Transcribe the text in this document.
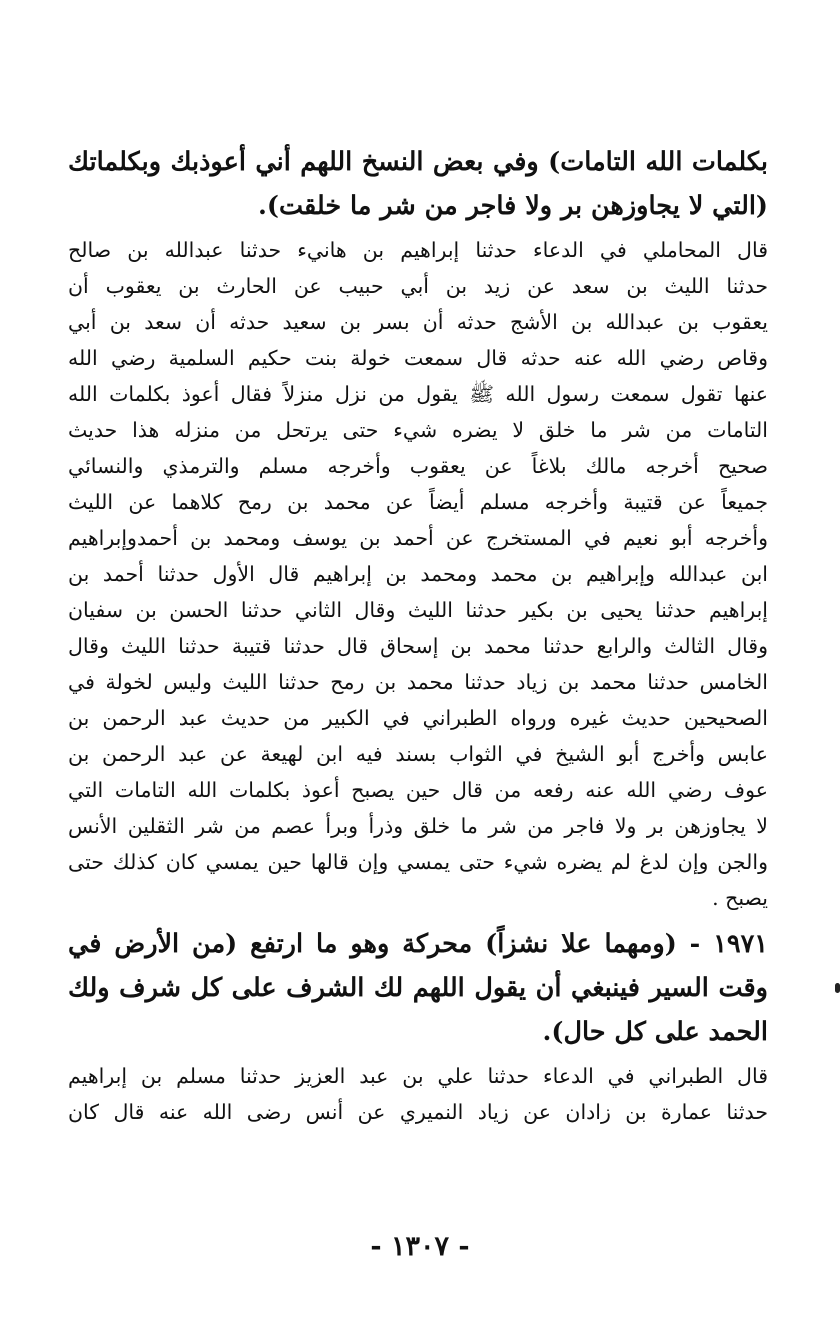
بكلمات الله التامات) وفي بعض النسخ اللهم أني أعوذبك وبكلماتك
(التي لا يجاوزهن بر ولا فاجر من شر ما خلقت).
قال المحاملي في الدعاء حدثنا إبراهيم بن هانيء حدثنا عبدالله بن صالح
حدثنا الليث بن سعد عن زيد بن أبي حبيب عن الحارث بن يعقوب أن
يعقوب بن عبدالله بن الأشج حدثه أن بسر بن سعيد حدثه أن سعد بن أبي
وقاص رضي الله عنه حدثه قال سمعت خولة بنت حكيم السلمية رضي الله
عنها تقول سمعت رسول الله ﷺ يقول من نزل منزلاً فقال أعوذ بكلمات الله
التامات من شر ما خلق لا يضره شيء حتى يرتحل من منزله هذا حديث
صحيح أخرجه مالك بلاغاً عن يعقوب وأخرجه مسلم والترمذي والنسائي
جميعاً عن قتيبة وأخرجه مسلم أيضاً عن محمد بن رمح كلاهما عن الليث
وأخرجه أبو نعيم في المستخرج عن أحمد بن يوسف ومحمد بن أحمدوإبراهيم
ابن عبدالله وإبراهيم بن محمد ومحمد بن إبراهيم قال الأول حدثنا أحمد بن
إبراهيم حدثنا يحيى بن بكير حدثنا الليث وقال الثاني حدثنا الحسن بن سفيان
وقال الثالث والرابع حدثنا محمد بن إسحاق قال حدثنا قتيبة حدثنا الليث وقال
الخامس حدثنا محمد بن زياد حدثنا محمد بن رمح حدثنا الليث وليس لخولة في
الصحيحين حديث غيره ورواه الطبراني في الكبير من حديث عبد الرحمن بن
عابس وأخرج أبو الشيخ في الثواب بسند فيه ابن لهيعة عن عبد الرحمن بن
عوف رضي الله عنه رفعه من قال حين يصبح أعوذ بكلمات الله التامات التي
لا يجاوزهن بر ولا فاجر من شر ما خلق وذرأ وبرأ عصم من شر الثقلين الأنس
والجن وإن لدغ لم يضره شيء حتى يمسي وإن قالها حين يمسي كان كذلك حتى
يصبح .
١٩٧١ - (ومهما علا نشزاً) محركة وهو ما ارتفع (من الأرض في
وقت السير فينبغي أن يقول اللهم لك الشرف على كل شرف ولك
الحمد على كل حال).
قال الطبراني في الدعاء حدثنا علي بن عبد العزيز حدثنا مسلم بن إبراهيم
حدثنا عمارة بن زادان عن زياد النميري عن أنس رضى الله عنه قال كان
- ١٣٠٧ -
